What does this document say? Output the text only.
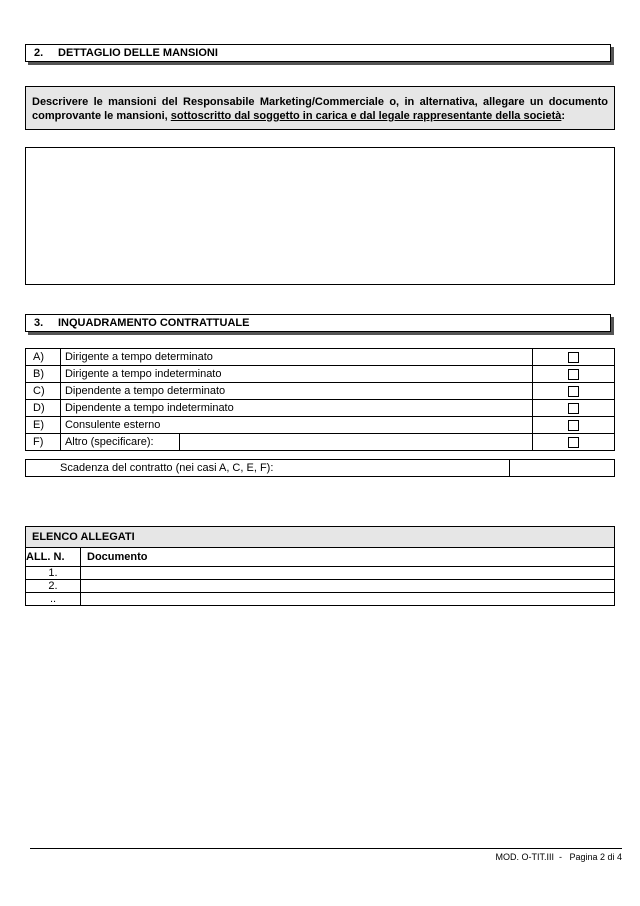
2.	DETTAGLIO DELLE MANSIONI
Descrivere le mansioni del Responsabile Marketing/Commerciale o, in alternativa, allegare un documento comprovante le mansioni, sottoscritto dal soggetto in carica e dal legale rappresentante della società:
3.	INQUADRAMENTO CONTRATTUALE
A)	Dirigente a tempo determinato	
B)	Dirigente a tempo indeterminato	
C)	Dipendente a tempo determinato	
D)	Dipendente a tempo indeterminato	
E)	Consulente esterno	
F)	Altro (specificare):	

Scadenza del contratto (nei casi A, C, E, F):	
ELENCO ALLEGATI	
ALL. N.	Documento
1.	
2.	
..	
MOD. O-TIT.III  -   Pagina 2 di 4
